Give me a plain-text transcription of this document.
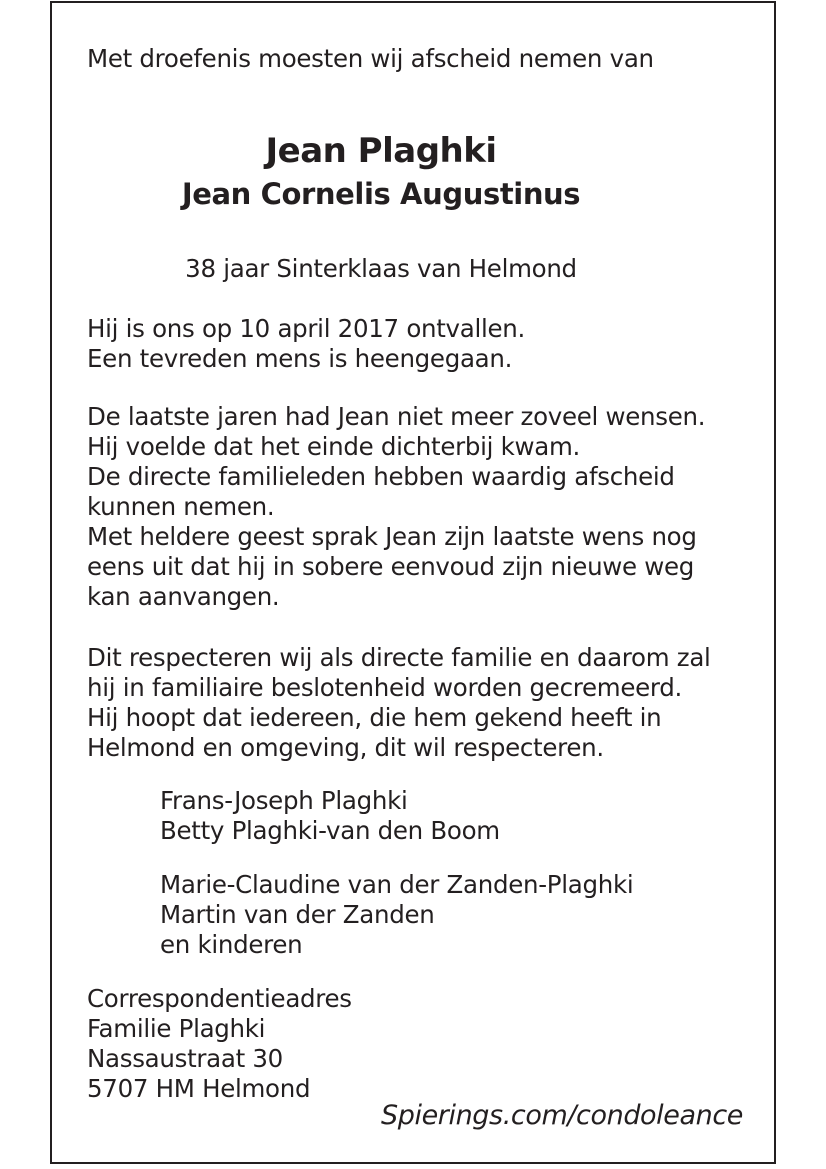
Met droefenis moesten wij afscheid nemen van
Jean Plaghki
Jean Cornelis Augustinus
38 jaar Sinterklaas van Helmond
Hij is ons op 10 april 2017 ontvallen.
Een tevreden mens is heengegaan.
De laatste jaren had Jean niet meer zoveel wensen.
Hij voelde dat het einde dichterbij kwam.
De directe familieleden hebben waardig afscheid
kunnen nemen.
Met heldere geest sprak Jean zijn laatste wens nog
eens uit dat hij in sobere eenvoud zijn nieuwe weg
kan aanvangen.
Dit respecteren wij als directe familie en daarom zal
hij in familiaire beslotenheid worden gecremeerd.
Hij hoopt dat iedereen, die hem gekend heeft in
Helmond en omgeving, dit wil respecteren.
Frans-Joseph Plaghki
Betty Plaghki-van den Boom
Marie-Claudine van der Zanden-Plaghki
Martin van der Zanden
en kinderen
Correspondentieadres
Familie Plaghki
Nassaustraat 30
5707 HM Helmond
Spierings.com/condoleance
